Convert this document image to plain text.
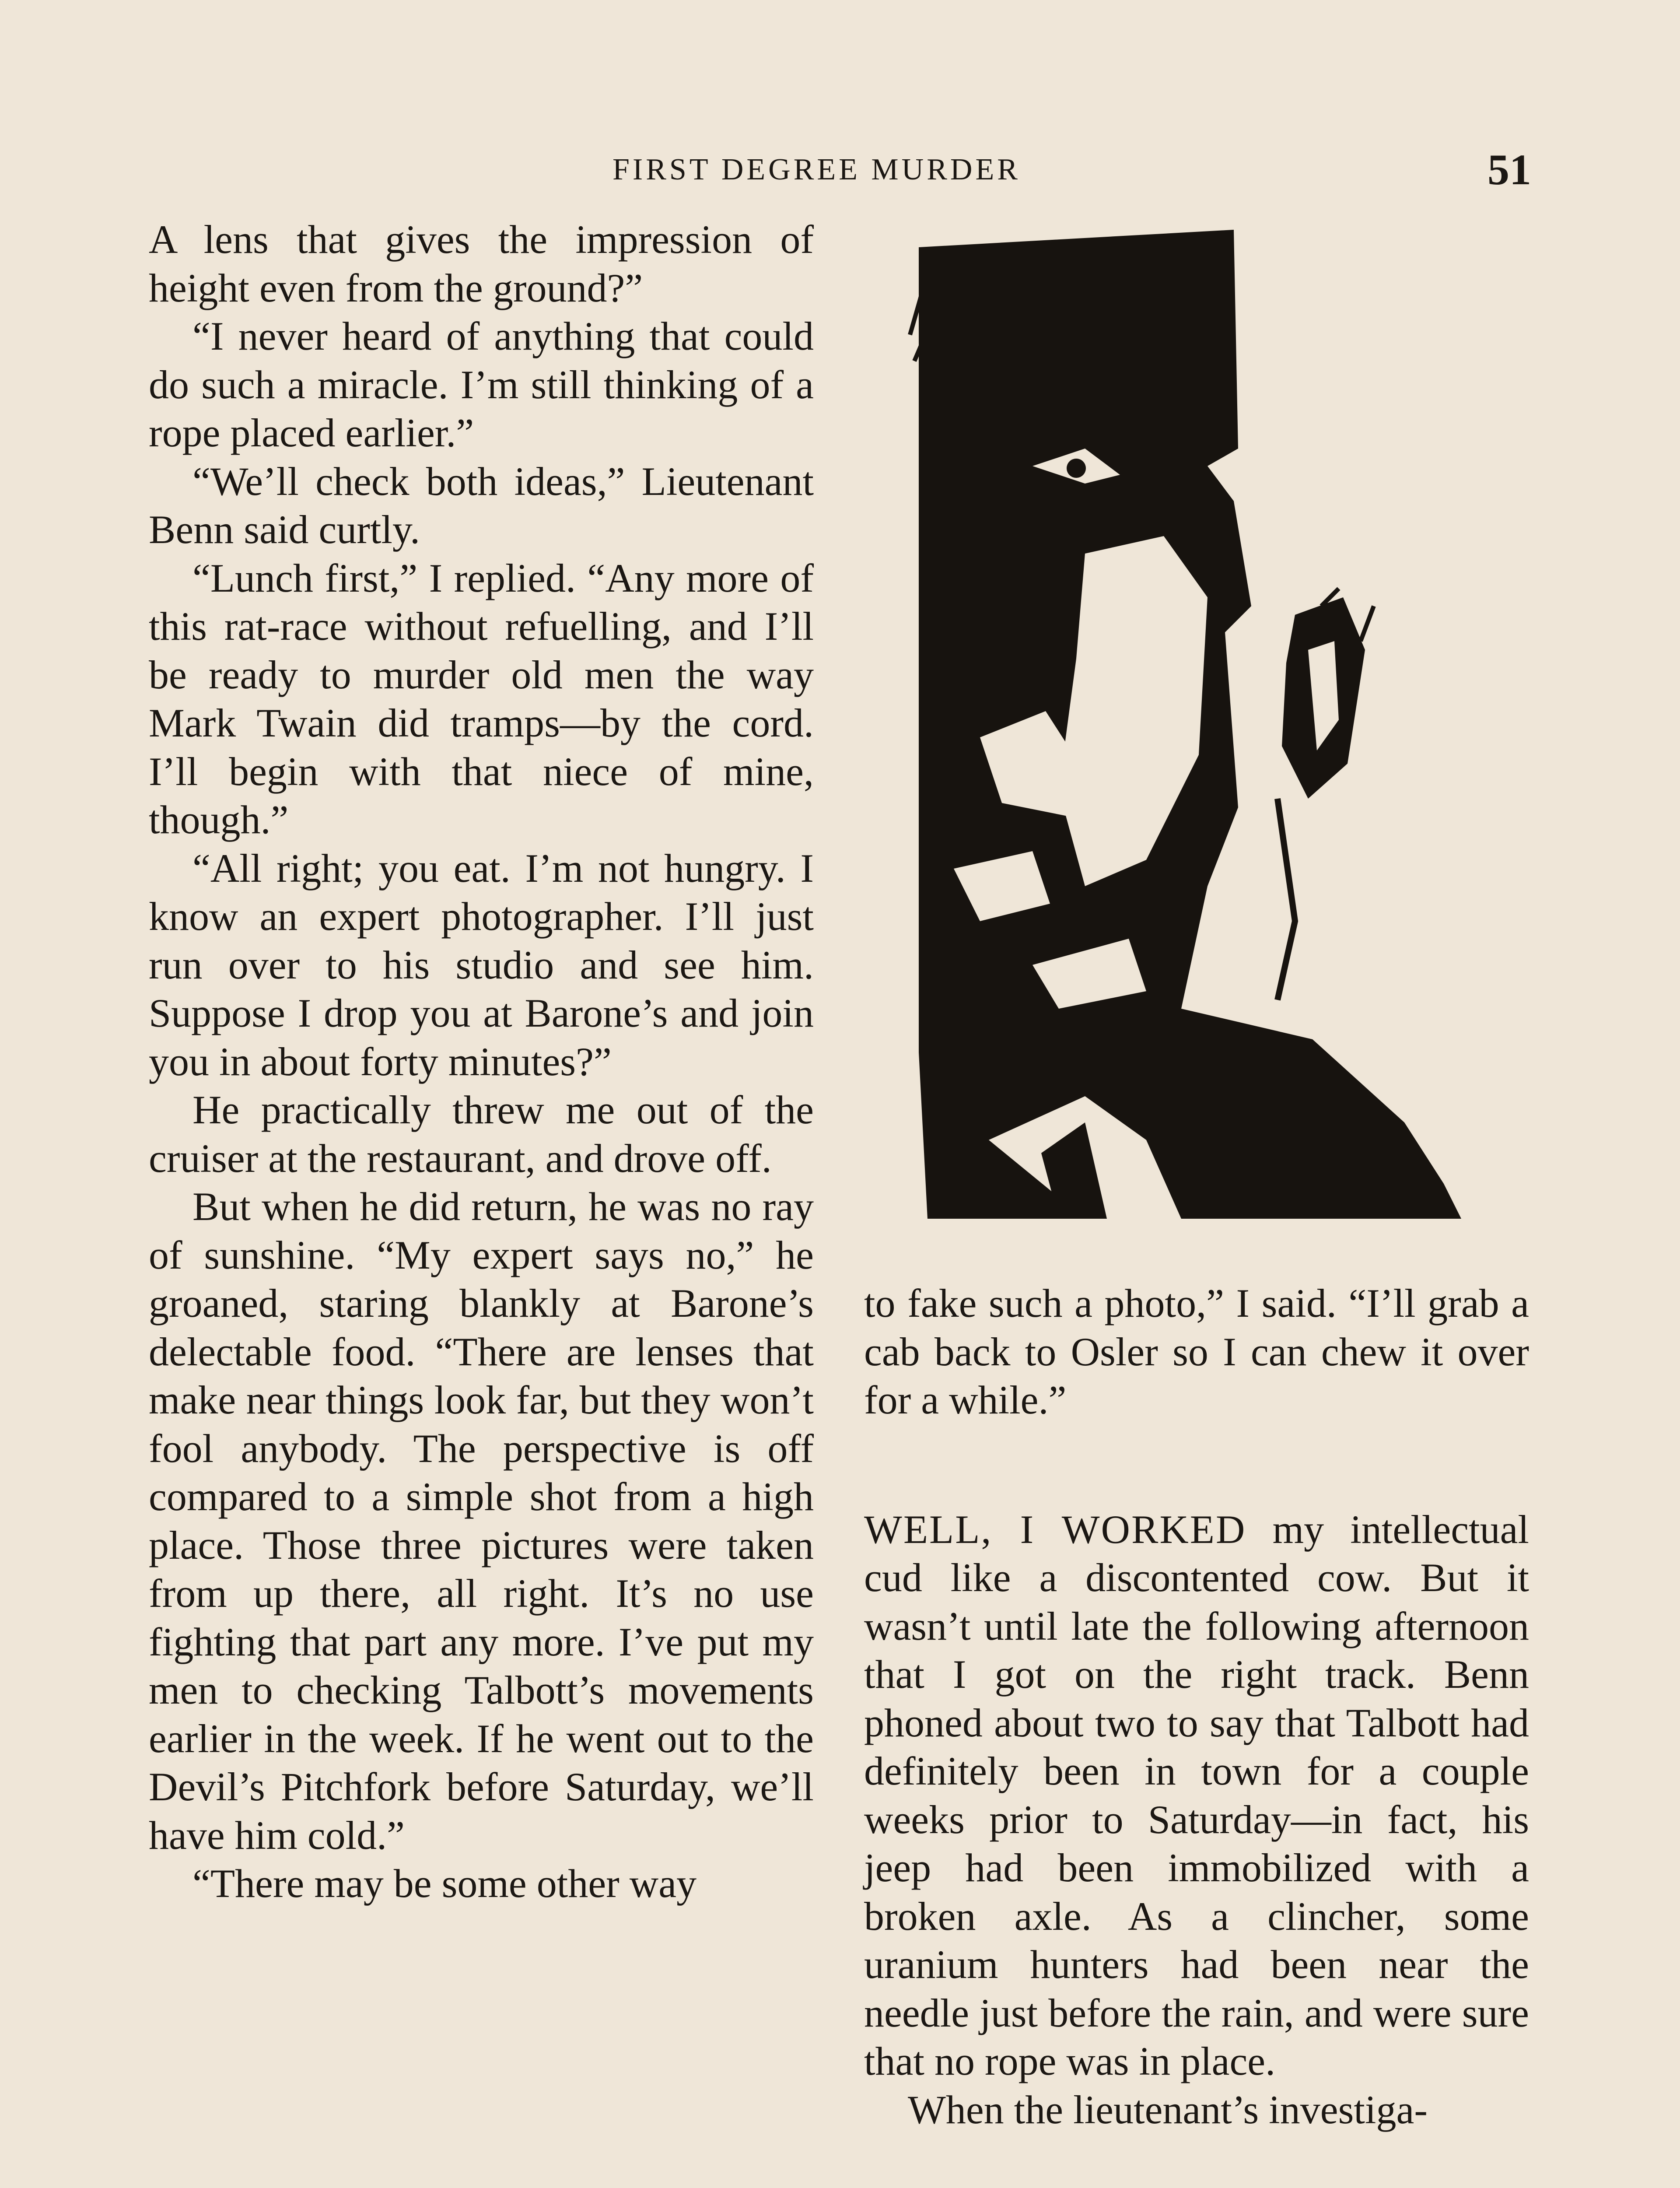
FIRST DEGREE MURDER	51

A lens that gives the impression of height even from the ground?”

“I never heard of anything that could do such a miracle. I’m still thinking of a rope placed earlier.”

“We’ll check both ideas,” Lieutenant Benn said curtly.

“Lunch first,” I replied. “Any more of this rat-race without refuelling, and I’ll be ready to murder old men the way Mark Twain did tramps—by the cord. I’ll begin with that niece of mine, though.”

“All right; you eat. I’m not hungry. I know an expert photographer. I’ll just run over to his studio and see him. Suppose I drop you at Barone’s and join you in about forty minutes?”

He practically threw me out of the cruiser at the restaurant, and drove off.

But when he did return, he was no ray of sunshine. “My expert says no,” he groaned, staring blankly at Barone’s delectable food. “There are lenses that make near things look far, but they won’t fool anybody. The perspective is off compared to a simple shot from a high place. Those three pictures were taken from up there, all right. It’s no use fighting that part any more. I’ve put my men to checking Talbott’s movements earlier in the week. If he went out to the Devil’s Pitchfork before Saturday, we’ll have him cold.”

“There may be some other way

to fake such a photo,” I said. “I’ll grab a cab back to Osler so I can chew it over for a while.”

WELL, I WORKED my intellectual cud like a discontented cow. But it wasn’t until late the following afternoon that I got on the right track. Benn phoned about two to say that Talbott had definitely been in town for a couple weeks prior to Saturday—in fact, his jeep had been immobilized with a broken axle. As a clincher, some uranium hunters had been near the needle just before the rain, and were sure that no rope was in place.

When the lieutenant’s investiga-
